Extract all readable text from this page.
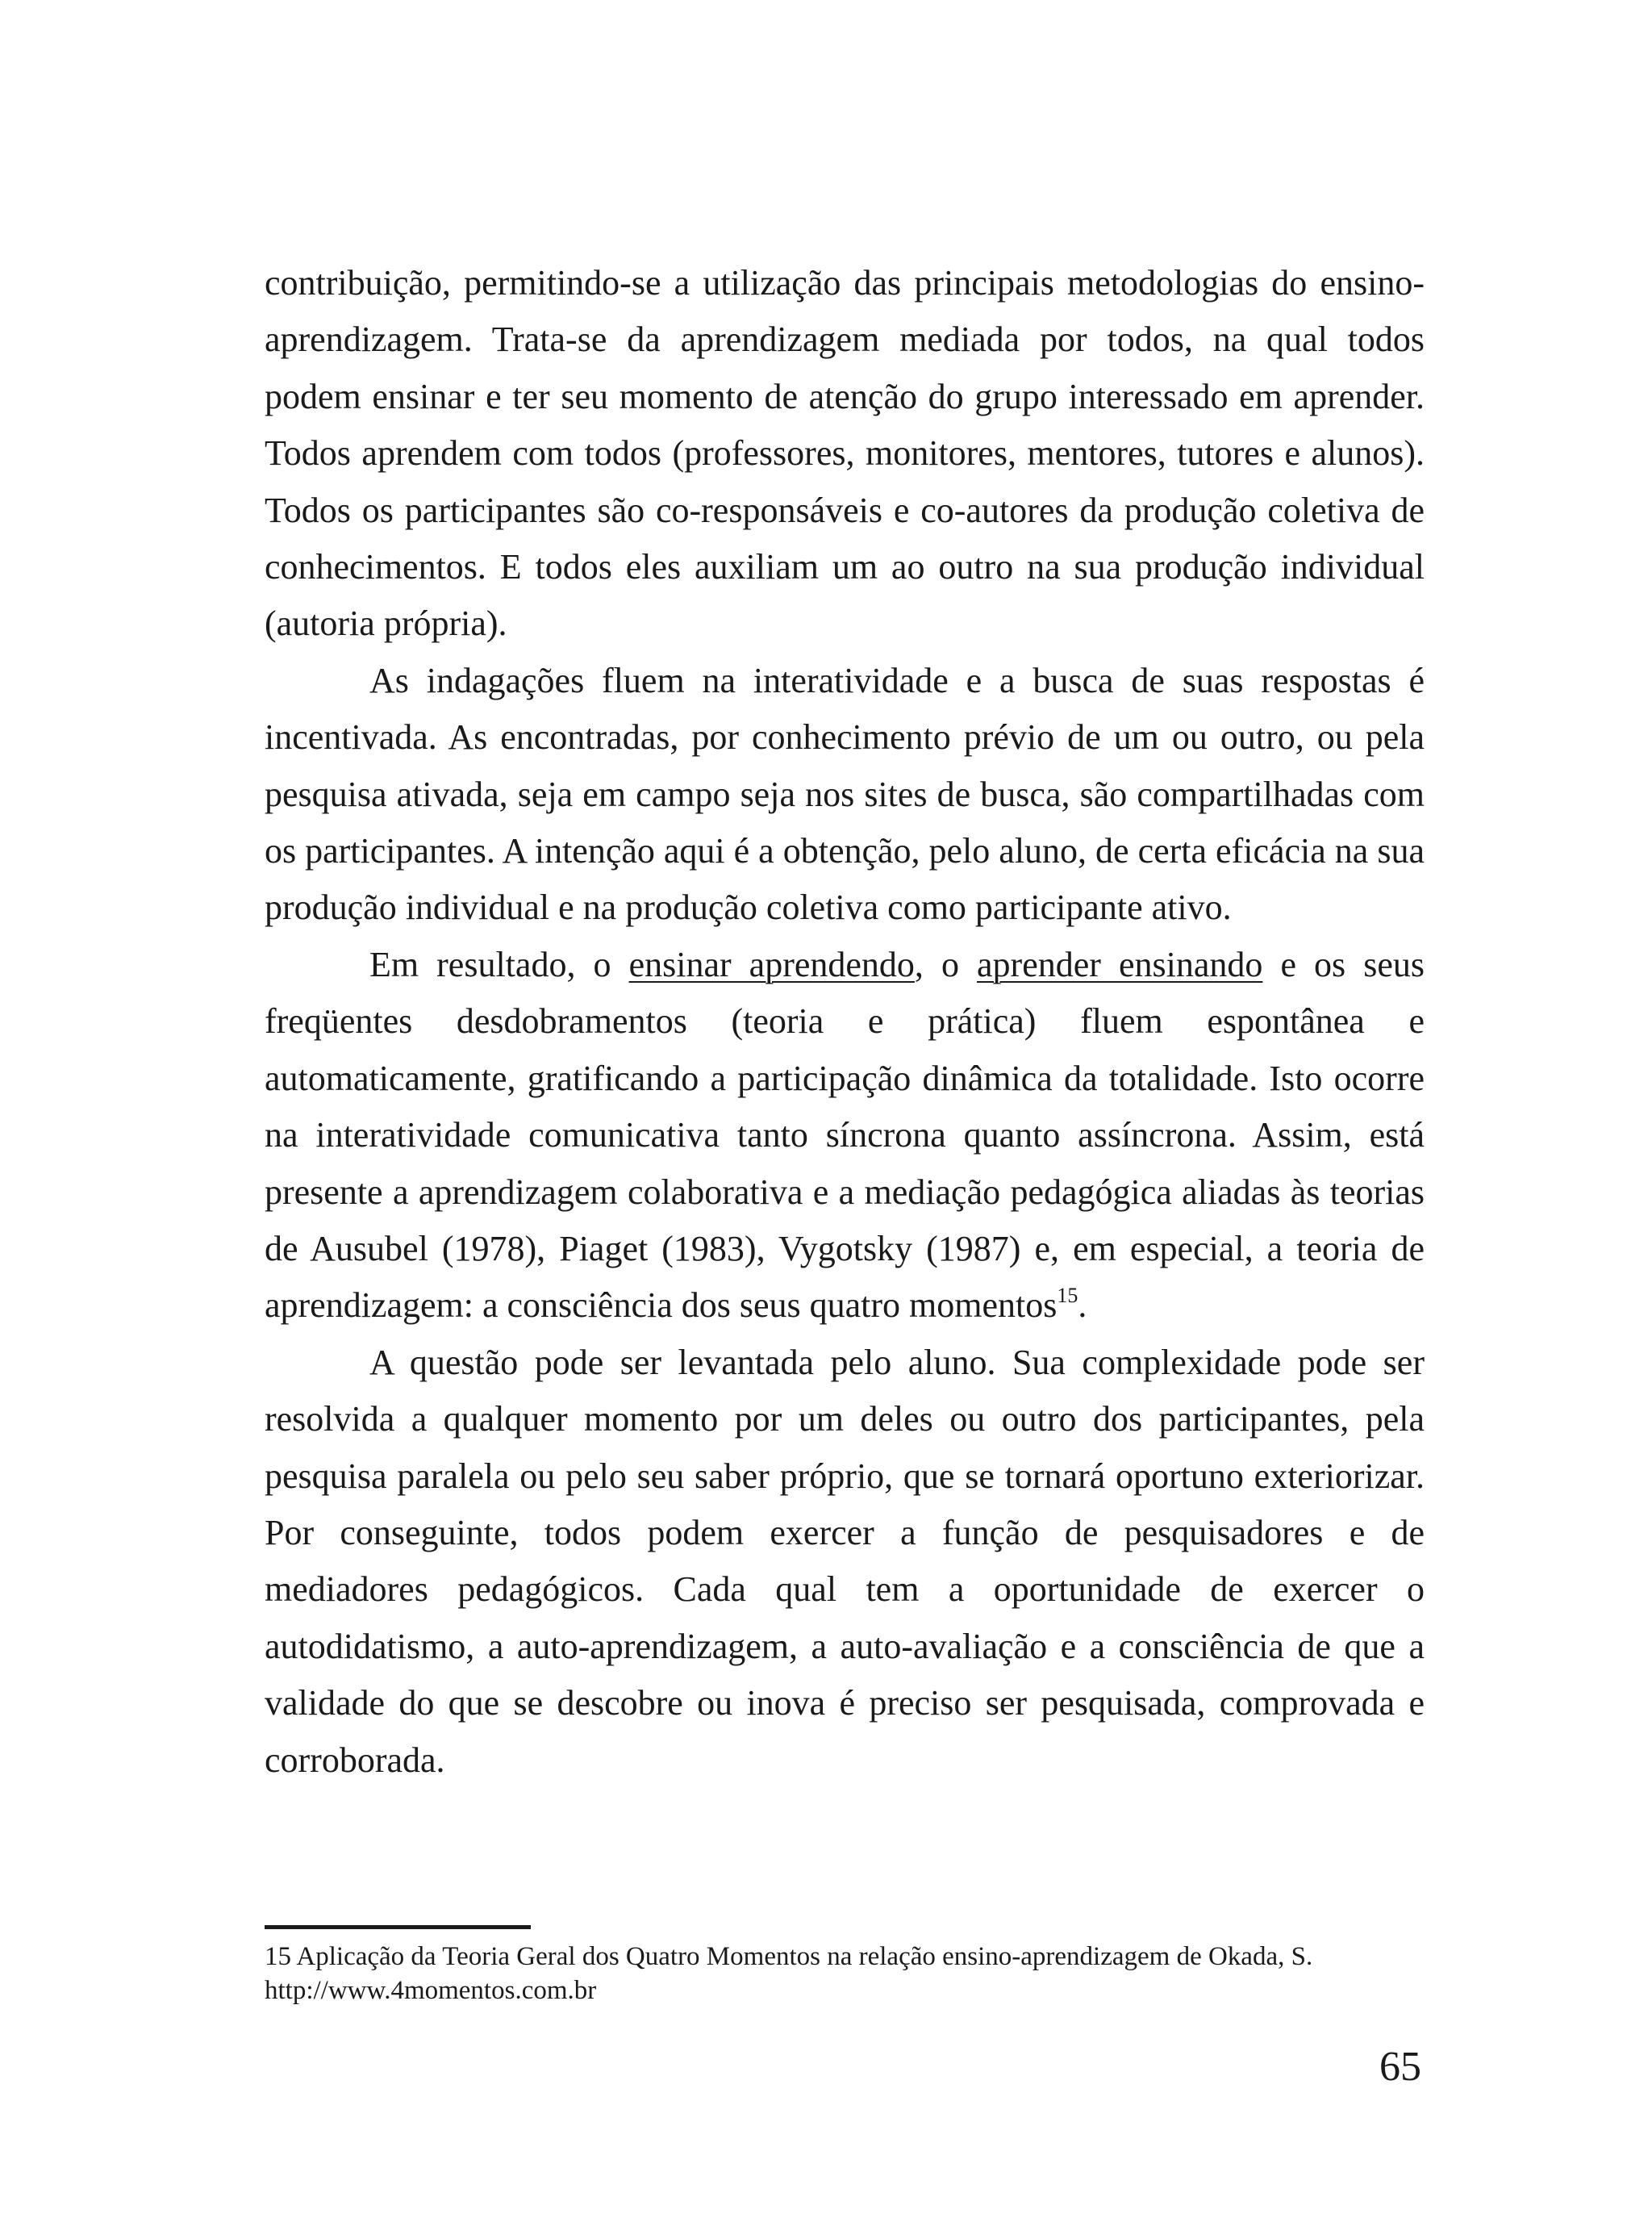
contribuição, permitindo-se a utilização das principais metodologias do ensino-aprendizagem. Trata-se da aprendizagem mediada por todos, na qual todos podem ensinar e ter seu momento de atenção do grupo interessado em aprender. Todos aprendem com todos (professores, monitores, mentores, tutores e alunos). Todos os participantes são co-responsáveis e co-autores da produção coletiva de conhecimentos. E todos eles auxiliam um ao outro na sua produção individual (autoria própria).

As indagações fluem na interatividade e a busca de suas respostas é incentivada. As encontradas, por conhecimento prévio de um ou outro, ou pela pesquisa ativada, seja em campo seja nos sites de busca, são compartilhadas com os participantes. A intenção aqui é a obtenção, pelo aluno, de certa eficácia na sua produção individual e na produção coletiva como participante ativo.

Em resultado, o ensinar aprendendo, o aprender ensinando e os seus freqüentes desdobramentos (teoria e prática) fluem espontânea e automaticamente, gratificando a participação dinâmica da totalidade. Isto ocorre na interatividade comunicativa tanto síncrona quanto assíncrona. Assim, está presente a aprendizagem colaborativa e a mediação pedagógica aliadas às teorias de Ausubel (1978), Piaget (1983), Vygotsky (1987) e, em especial, a teoria de aprendizagem: a consciência dos seus quatro momentos$^{15}$.

A questão pode ser levantada pelo aluno. Sua complexidade pode ser resolvida a qualquer momento por um deles ou outro dos participantes, pela pesquisa paralela ou pelo seu saber próprio, que se tornará oportuno exteriorizar. Por conseguinte, todos podem exercer a função de pesquisadores e de mediadores pedagógicos. Cada qual tem a oportunidade de exercer o autodidatismo, a auto-aprendizagem, a auto-avaliação e a consciência de que a validade do que se descobre ou inova é preciso ser pesquisada, comprovada e corroborada.

15 Aplicação da Teoria Geral dos Quatro Momentos na relação ensino-aprendizagem de Okada, S.
http://www.4momentos.com.br
65
